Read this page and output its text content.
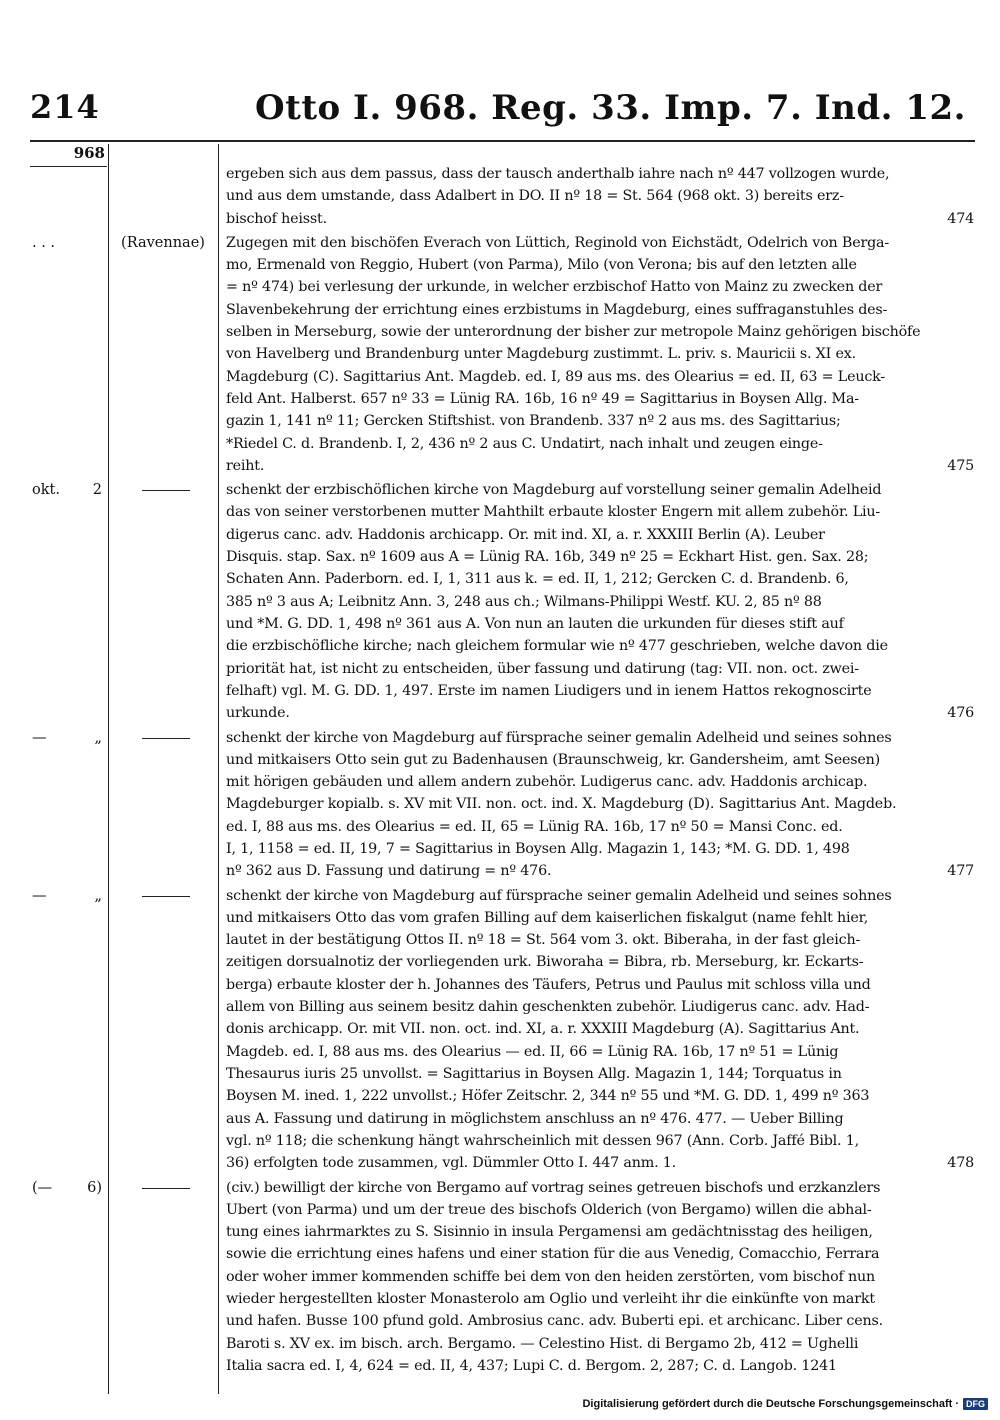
214	Otto I. 968. Reg. 33. Imp. 7. Ind. 12.
968
ergeben sich aus dem passus, dass der tausch anderthalb iahre nach nº 447 vollzogen wurde,
und aus dem umstande, dass Adalbert in DO. II nº 18 = St. 564 (968 okt. 3) bereits erz-
bischof heisst.	474
. . .	(Ravennae)	Zugegen mit den bischöfen Everach von Lüttich, Reginold von Eichstädt, Odelrich von Berga-
mo, Ermenald von Reggio, Hubert (von Parma), Milo (von Verona; bis auf den letzten alle
= nº 474) bei verlesung der urkunde, in welcher erzbischof Hatto von Mainz zu zwecken der
Slavenbekehrung der errichtung eines erzbistums in Magdeburg, eines suffraganstuhles des-
selben in Merseburg, sowie der unterordnung der bisher zur metropole Mainz gehörigen bischöfe
von Havelberg und Brandenburg unter Magdeburg zustimmt. L. priv. s. Mauricii s. XI ex.
Magdeburg (C). Sagittarius Ant. Magdeb. ed. I, 89 aus ms. des Olearius = ed. II, 63 = Leuck-
feld Ant. Halberst. 657 nº 33 = Lünig RA. 16b, 16 nº 49 = Sagittarius in Boysen Allg. Ma-
gazin 1, 141 nº 11; Gercken Stiftshist. von Brandenb. 337 nº 2 aus ms. des Sagittarius;
*Riedel C. d. Brandenb. I, 2, 436 nº 2 aus C. Undatirt, nach inhalt und zeugen einge-
reiht.	475
okt. 2	schenkt der erzbischöflichen kirche von Magdeburg auf vorstellung seiner gemalin Adelheid
das von seiner verstorbenen mutter Mahthilt erbaute kloster Engern mit allem zubehör. Liu-
digerus canc. adv. Haddonis archicapp. Or. mit ind. XI, a. r. XXXIII Berlin (A). Leuber
Disquis. stap. Sax. nº 1609 aus A = Lünig RA. 16b, 349 nº 25 = Eckhart Hist. gen. Sax. 28;
Schaten Ann. Paderborn. ed. I, 1, 311 aus k. = ed. II, 1, 212; Gercken C. d. Brandenb. 6,
385 nº 3 aus A; Leibnitz Ann. 3, 248 aus ch.; Wilmans-Philippi Westf. KU. 2, 85 nº 88
und *M. G. DD. 1, 498 nº 361 aus A. Von nun an lauten die urkunden für dieses stift auf
die erzbischöfliche kirche; nach gleichem formular wie nº 477 geschrieben, welche davon die
priorität hat, ist nicht zu entscheiden, über fassung und datirung (tag: VII. non. oct. zwei-
felhaft) vgl. M. G. DD. 1, 497. Erste im namen Liudigers und in ienem Hattos rekognoscirte
urkunde.	476
—	„	schenkt der kirche von Magdeburg auf fürsprache seiner gemalin Adelheid und seines sohnes
und mitkaisers Otto sein gut zu Badenhausen (Braunschweig, kr. Gandersheim, amt Seesen)
mit hörigen gebäuden und allem andern zubehör. Ludigerus canc. adv. Haddonis archicap.
Magdeburger kopialb. s. XV mit VII. non. oct. ind. X. Magdeburg (D). Sagittarius Ant. Magdeb.
ed. I, 88 aus ms. des Olearius = ed. II, 65 = Lünig RA. 16b, 17 nº 50 = Mansi Conc. ed.
I, 1, 1158 = ed. II, 19, 7 = Sagittarius in Boysen Allg. Magazin 1, 143; *M. G. DD. 1, 498
nº 362 aus D. Fassung und datirung = nº 476.	477
—	„	schenkt der kirche von Magdeburg auf fürsprache seiner gemalin Adelheid und seines sohnes
und mitkaisers Otto das vom grafen Billing auf dem kaiserlichen fiskalgut (name fehlt hier,
lautet in der bestätigung Ottos II. nº 18 = St. 564 vom 3. okt. Biberaha, in der fast gleich-
zeitigen dorsualnotiz der vorliegenden urk. Biworaha = Bibra, rb. Merseburg, kr. Eckarts-
berga) erbaute kloster der h. Johannes des Täufers, Petrus und Paulus mit schloss villa und
allem von Billing aus seinem besitz dahin geschenkten zubehör. Liudigerus canc. adv. Had-
donis archicapp. Or. mit VII. non. oct. ind. XI, a. r. XXXIII Magdeburg (A). Sagittarius Ant.
Magdeb. ed. I, 88 aus ms. des Olearius — ed. II, 66 = Lünig RA. 16b, 17 nº 51 = Lünig
Thesaurus iuris 25 unvollst. = Sagittarius in Boysen Allg. Magazin 1, 144; Torquatus in
Boysen M. ined. 1, 222 unvollst.; Höfer Zeitschr. 2, 344 nº 55 und *M. G. DD. 1, 499 nº 363
aus A. Fassung und datirung in möglichstem anschluss an nº 476. 477. — Ueber Billing
vgl. nº 118; die schenkung hängt wahrscheinlich mit dessen 967 (Ann. Corb. Jaffé Bibl. 1,
36) erfolgten tode zusammen, vgl. Dümmler Otto I. 447 anm. 1.	478
(— 6)	(civ.) bewilligt der kirche von Bergamo auf vortrag seines getreuen bischofs und erzkanzlers
Ubert (von Parma) und um der treue des bischofs Olderich (von Bergamo) willen die abhal-
tung eines iahrmarktes zu S. Sisinnio in insula Pergamensi am gedächtnisstag des heiligen,
sowie die errichtung eines hafens und einer station für die aus Venedig, Comacchio, Ferrara
oder woher immer kommenden schiffe bei dem von den heiden zerstörten, vom bischof nun
wieder hergestellten kloster Monasterolo am Oglio und verleiht ihr die einkünfte von markt
und hafen. Busse 100 pfund gold. Ambrosius canc. adv. Buberti epi. et archicanc. Liber cens.
Baroti s. XV ex. im bisch. arch. Bergamo. — Celestino Hist. di Bergamo 2b, 412 = Ughelli
Italia sacra ed. I, 4, 624 = ed. II, 4, 437; Lupi C. d. Bergom. 2, 287; C. d. Langob. 1241
Digitalisierung gefördert durch die Deutsche Forschungsgemeinschaft · DFG
